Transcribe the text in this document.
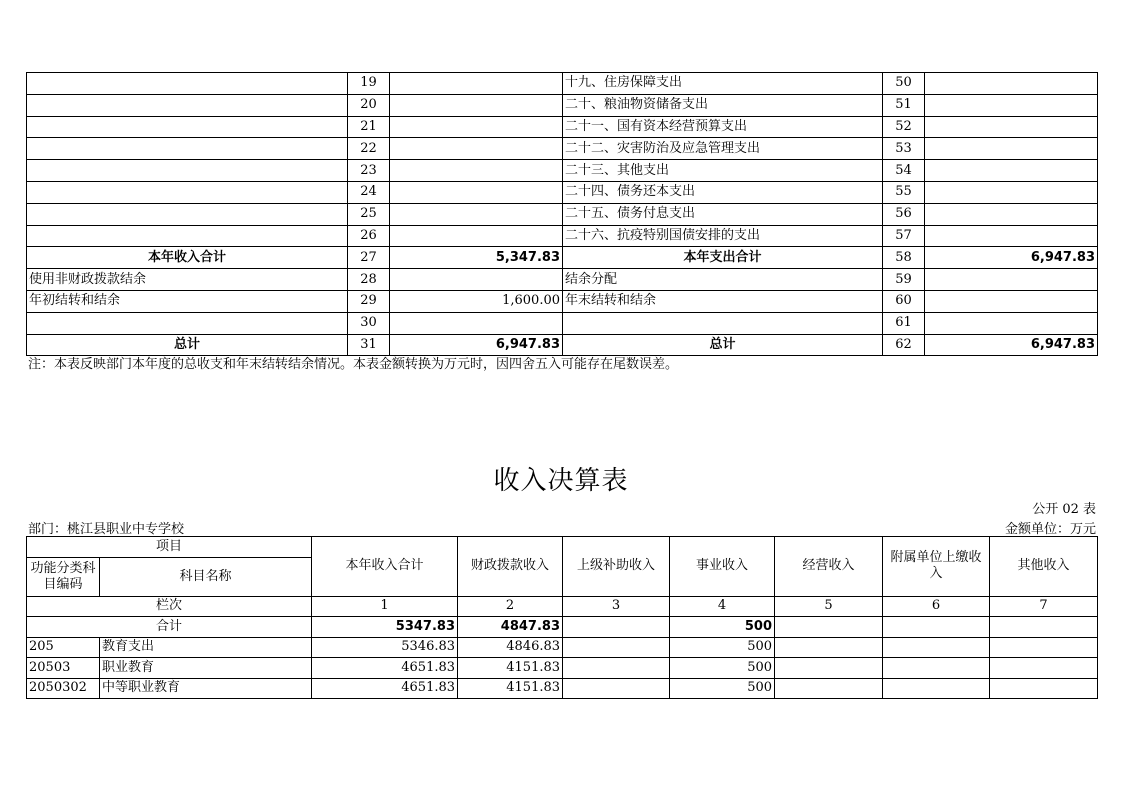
	19		十九、住房保障支出	50	
	20		二十、粮油物资储备支出	51	
	21		二十一、国有资本经营预算支出	52	
	22		二十二、灾害防治及应急管理支出	53	
	23		二十三、其他支出	54	
	24		二十四、债务还本支出	55	
	25		二十五、债务付息支出	56	
	26		二十六、抗疫特别国债安排的支出	57	
本年收入合计	27	5,347.83	本年支出合计	58	6,947.83
使用非财政拨款结余	28		结余分配	59	
年初结转和结余	29	1,600.00	年末结转和结余	60	
	30			61	
总计	31	6,947.83	总计	62	6,947.83
注：本表反映部门本年度的总收支和年末结转结余情况。本表金额转换为万元时，因四舍五入可能存在尾数误差。
收入决算表
公开 02 表
部门：桃江县职业中专学校	金额单位：万元
项目		本年收入合计	财政拨款收入	上级补助收入	事业收入	经营收入	附属单位上缴收入	其他收入
功能分类科目编码	科目名称							
栏次		1	2	3	4	5	6	7
合计		5347.83	4847.83		500			
205	教育支出	5346.83	4846.83		500			
20503	职业教育	4651.83	4151.83		500			
2050302	中等职业教育	4651.83	4151.83		500			
